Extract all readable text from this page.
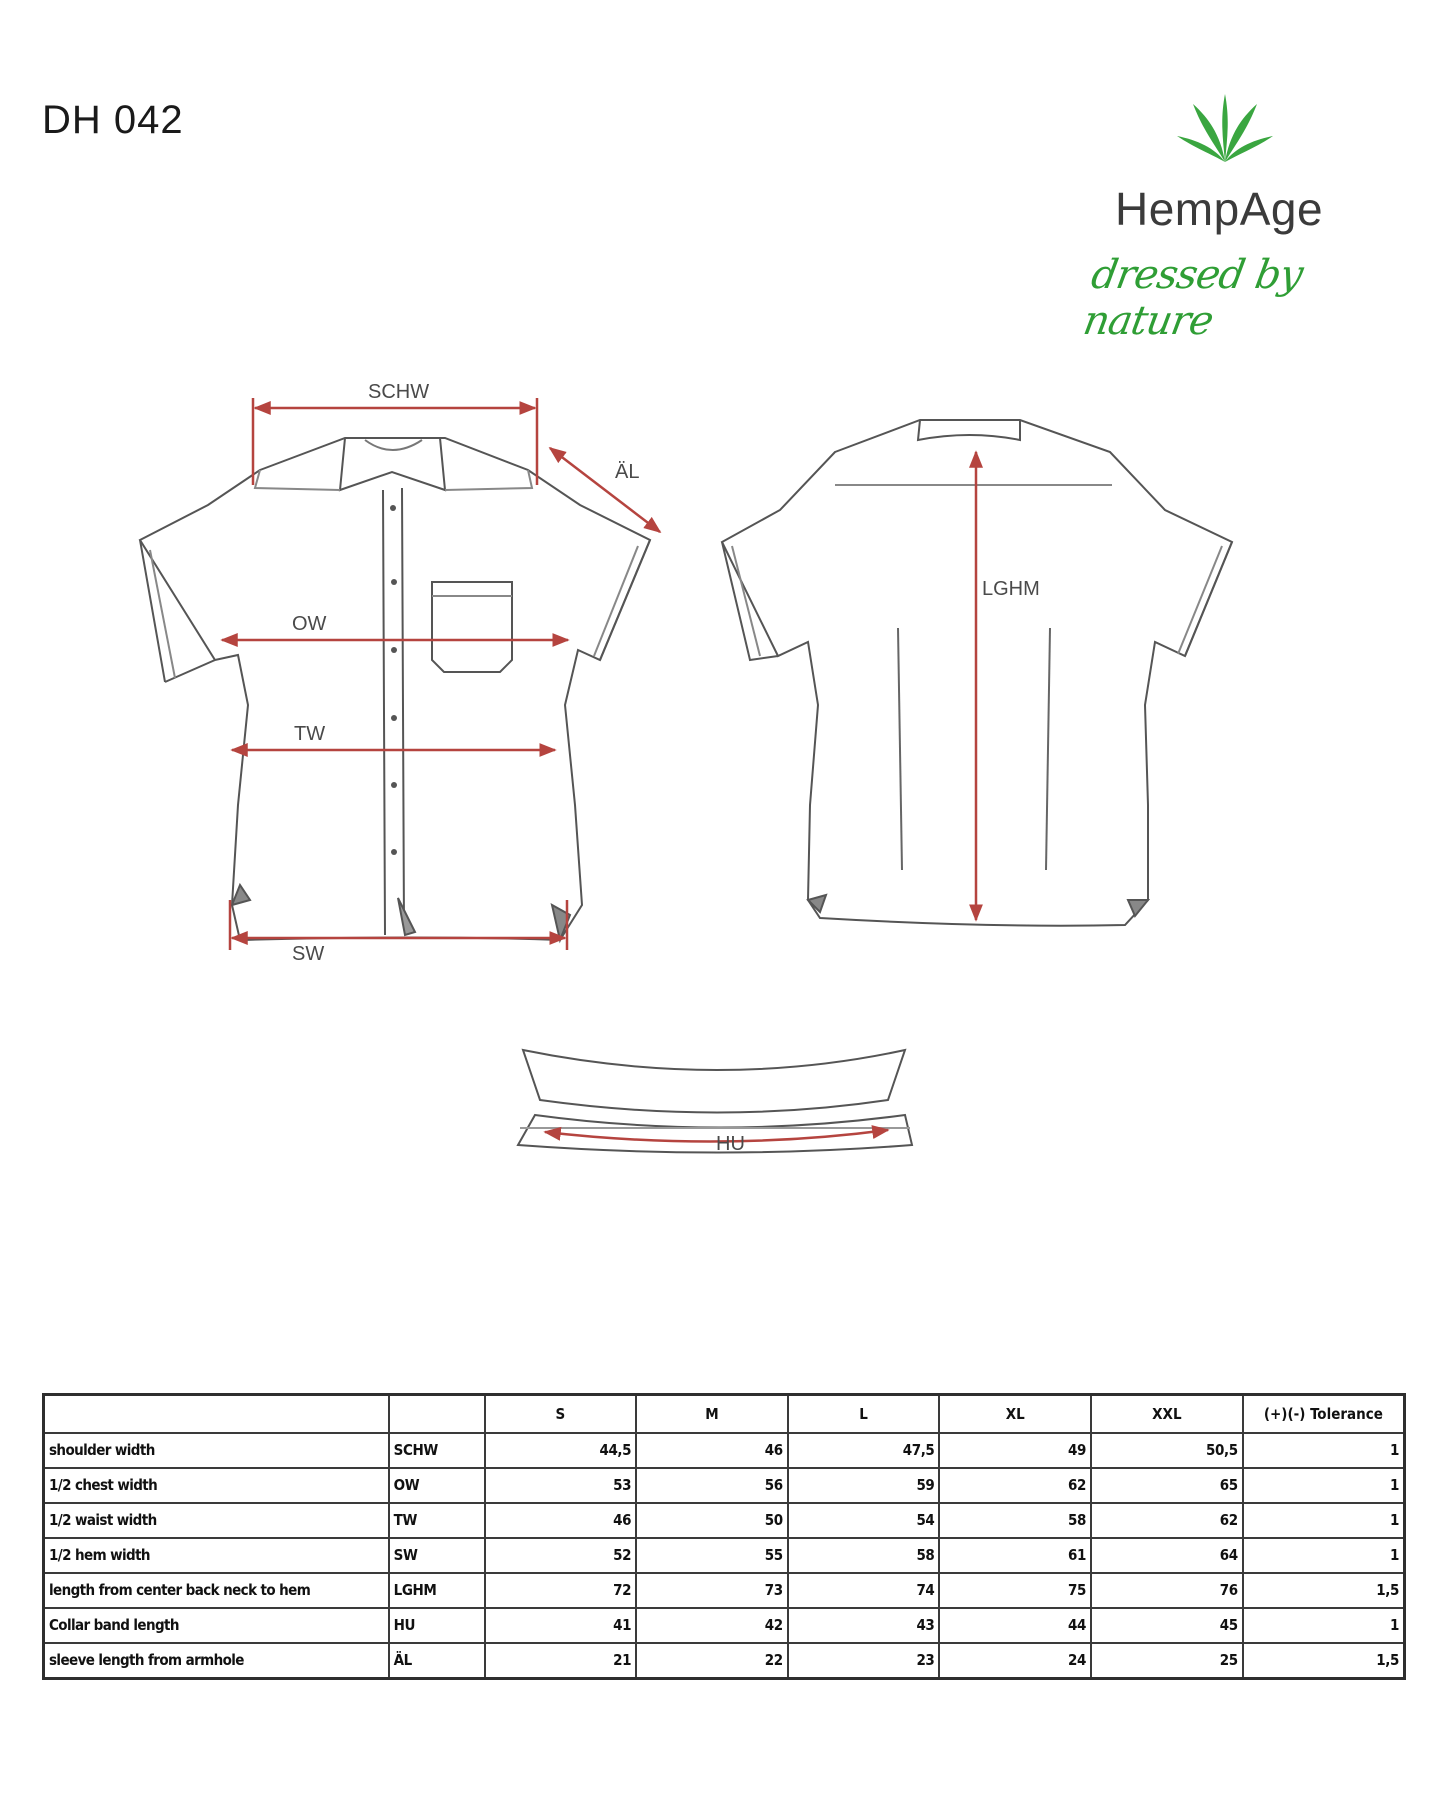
DH 042
HempAge
dressed by nature
SCHW
ÄL
OW
TW
SW
LGHM
HU
		S	M	L	XL	XXL	(+)(-) Tolerance
shoulder width	SCHW	44,5	46	47,5	49	50,5	1
1/2 chest width	OW	53	56	59	62	65	1
1/2 waist width	TW	46	50	54	58	62	1
1/2 hem width	SW	52	55	58	61	64	1
length from center back neck to hem	LGHM	72	73	74	75	76	1,5
Collar band length	HU	41	42	43	44	45	1
sleeve length from armhole	ÄL	21	22	23	24	25	1,5
